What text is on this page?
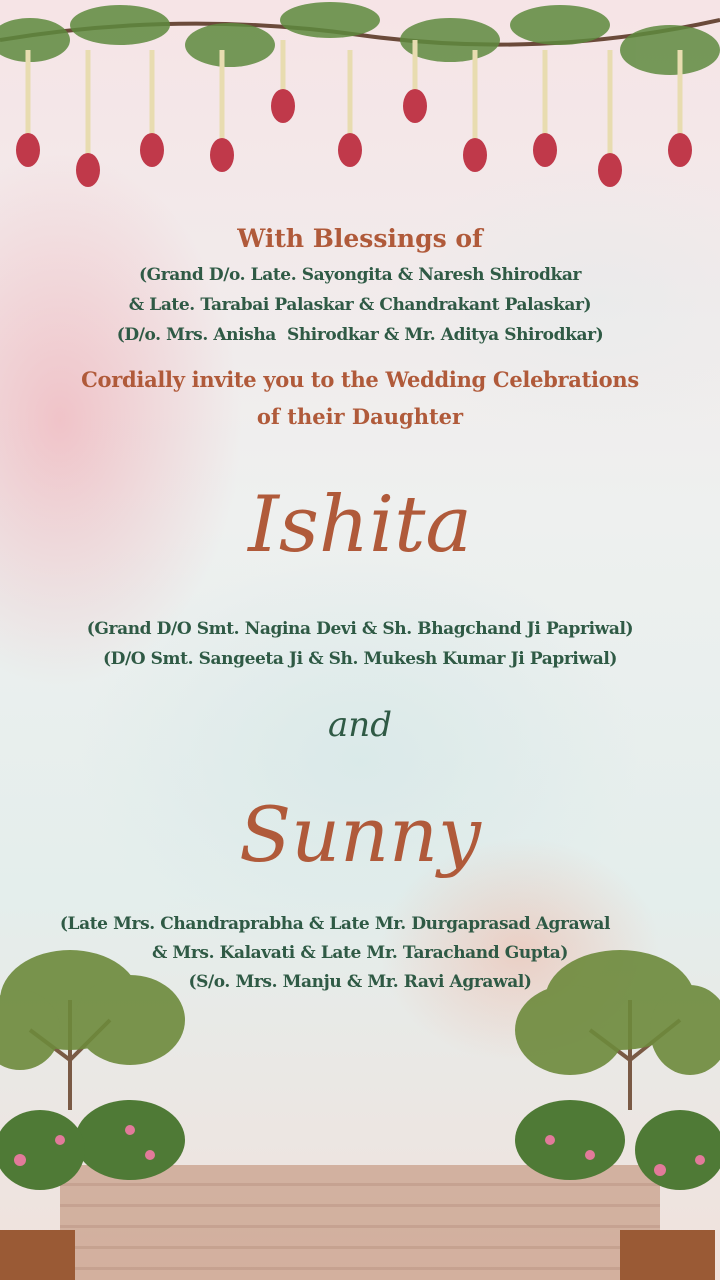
With Blessings of
(Grand D/o. Late. Sayongita & Naresh Shirodkar
& Late. Tarabai Palaskar & Chandrakant Palaskar)
(D/o. Mrs. Anisha  Shirodkar & Mr. Aditya Shirodkar)
Cordially invite you to the Wedding Celebrations
of their Daughter
Ishita
(Grand D/O Smt. Nagina Devi & Sh. Bhagchand Ji Papriwal)
(D/O Smt. Sangeeta Ji & Sh. Mukesh Kumar Ji Papriwal)
and
Sunny
(Late Mrs. Chandraprabha & Late Mr. Durgaprasad Agrawal
& Mrs. Kalavati & Late Mr. Tarachand Gupta)
(S/o. Mrs. Manju & Mr. Ravi Agrawal)
